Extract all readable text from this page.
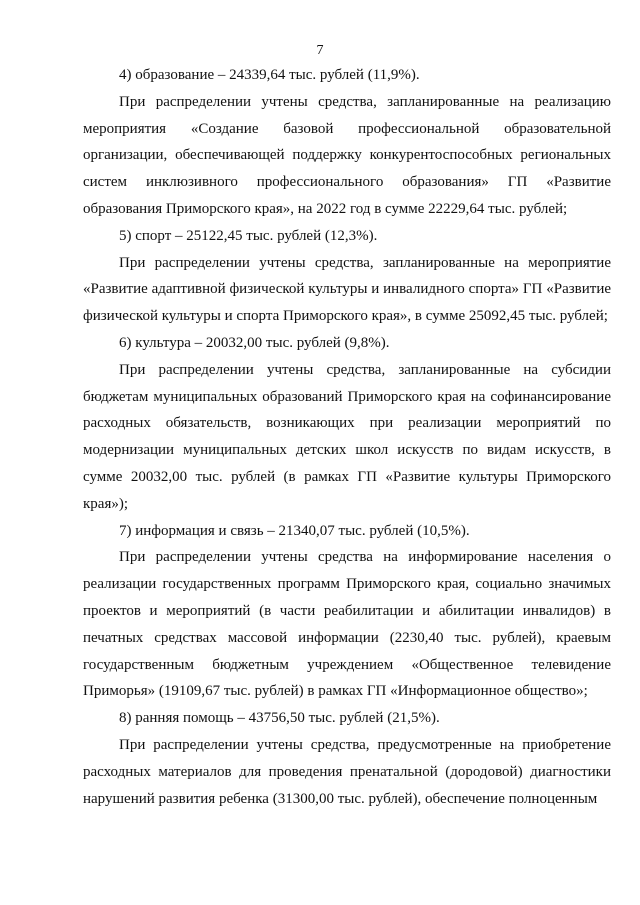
7

4) образование – 24339,64 тыс. рублей (11,9%).

При распределении учтены средства, запланированные на реализацию мероприятия «Создание базовой профессиональной образовательной организации, обеспечивающей поддержку конкурентоспособных региональных систем инклюзивного профессионального образования» ГП «Развитие образования Приморского края», на 2022 год в сумме 22229,64 тыс. рублей;

5) спорт – 25122,45 тыс. рублей (12,3%).

При распределении учтены средства, запланированные на мероприятие «Развитие адаптивной физической культуры и инвалидного спорта» ГП «Развитие физической культуры и спорта Приморского края», в сумме 25092,45 тыс. рублей;

6) культура – 20032,00 тыс. рублей (9,8%).

При распределении учтены средства, запланированные на субсидии бюджетам муниципальных образований Приморского края на софинансирование расходных обязательств, возникающих при реализации мероприятий по модернизации муниципальных детских школ искусств по видам искусств, в сумме 20032,00 тыс. рублей (в рамках ГП «Развитие культуры Приморского края»);

7) информация и связь – 21340,07 тыс. рублей (10,5%).

При распределении учтены средства на информирование населения о реализации государственных программ Приморского края, социально значимых проектов и мероприятий (в части реабилитации и абилитации инвалидов) в печатных средствах массовой информации (2230,40 тыс. рублей), краевым государственным бюджетным учреждением «Общественное телевидение Приморья» (19109,67 тыс. рублей) в рамках ГП «Информационное общество»;

8) ранняя помощь – 43756,50 тыс. рублей (21,5%).

При распределении учтены средства, предусмотренные на приобретение расходных материалов для проведения пренатальной (дородовой) диагностики нарушений развития ребенка (31300,00 тыс. рублей), обеспечение полноценным
